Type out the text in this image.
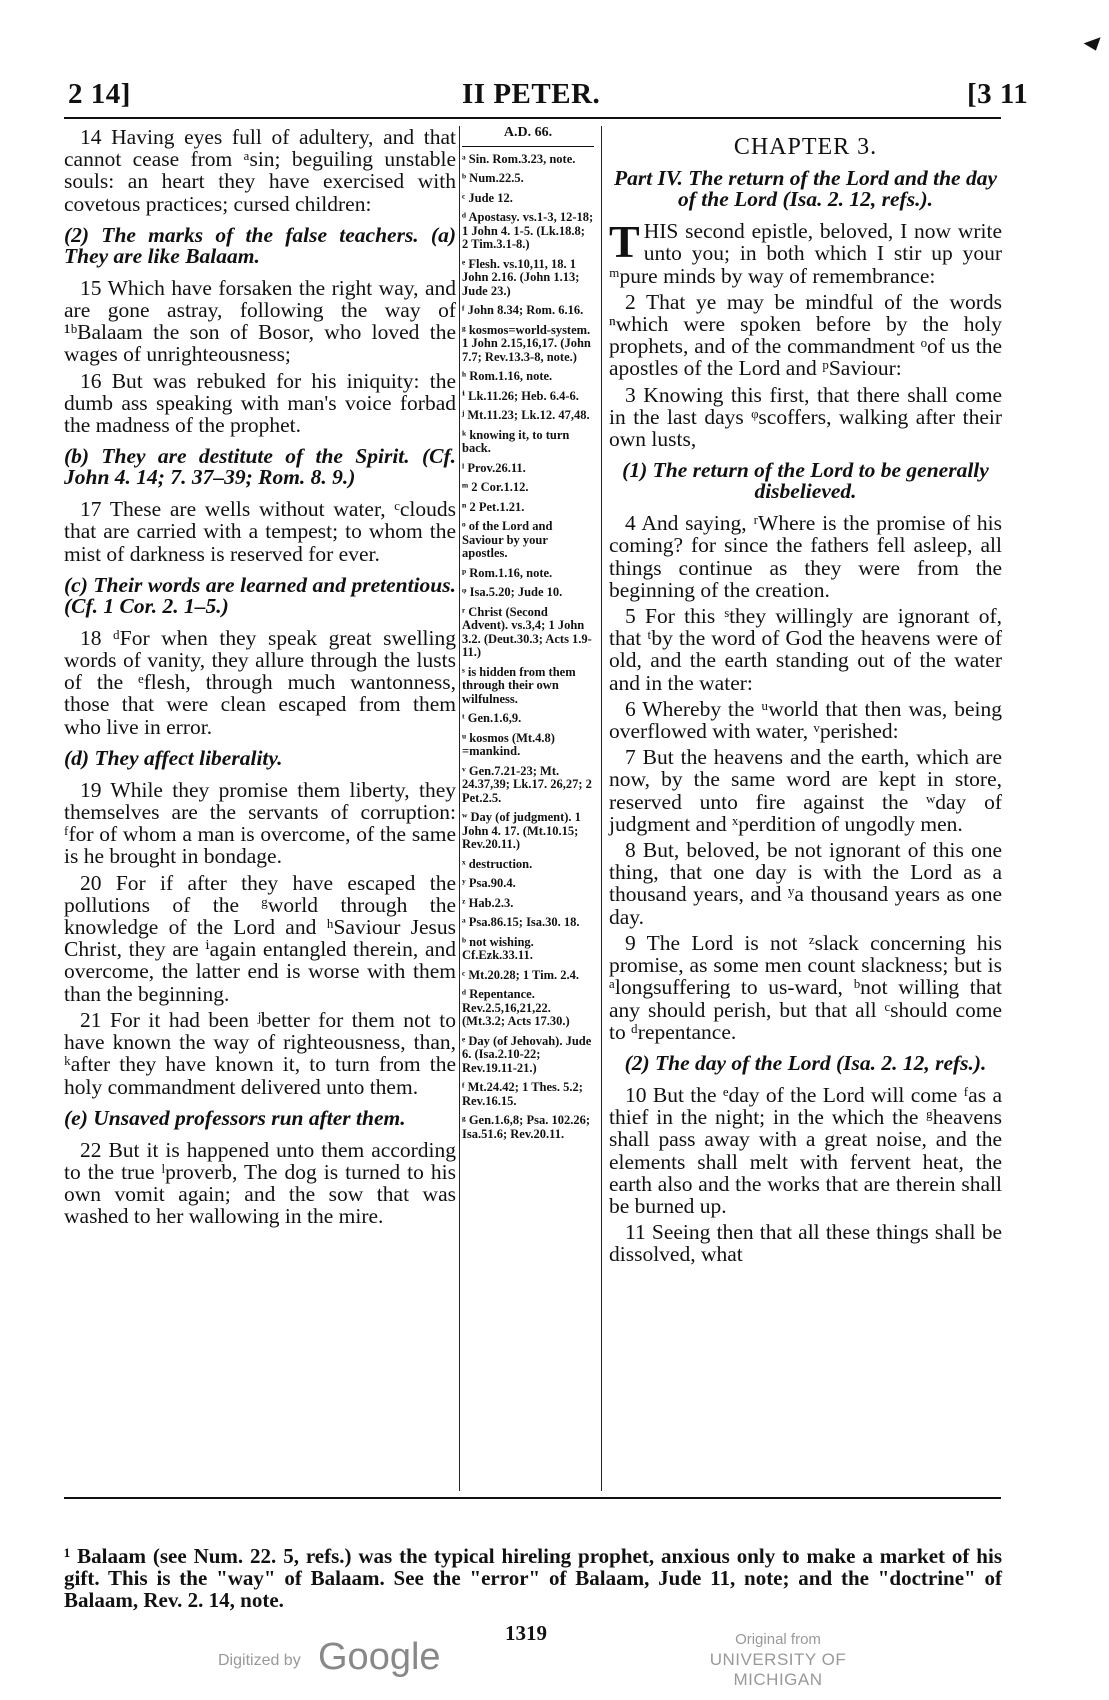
2 14]	II PETER.	[3 11

14 Having eyes full of adultery, and that cannot cease from ᵃsin; beguiling unstable souls: an heart they have exercised with covetous practices; cursed children:

(2) The marks of the false teachers. (a) They are like Balaam.

15 Which have forsaken the right way, and are gone astray, following the way of ¹ᵇBalaam the son of Bosor, who loved the wages of unrighteousness;

16 But was rebuked for his iniquity: the dumb ass speaking with man's voice forbad the madness of the prophet.

(b) They are destitute of the Spirit. (Cf. John 4. 14; 7. 37–39; Rom. 8. 9.)

17 These are wells without water, ᶜclouds that are carried with a tempest; to whom the mist of darkness is reserved for ever.

(c) Their words are learned and pretentious. (Cf. 1 Cor. 2. 1–5.)

18 ᵈFor when they speak great swelling words of vanity, they allure through the lusts of the ᵉflesh, through much wantonness, those that were clean escaped from them who live in error.

(d) They affect liberality.

19 While they promise them liberty, they themselves are the servants of corruption: ᶠfor of whom a man is overcome, of the same is he brought in bondage.

20 For if after they have escaped the pollutions of the ᵍworld through the knowledge of the Lord and ʰSaviour Jesus Christ, they are ⁱagain entangled therein, and overcome, the latter end is worse with them than the beginning.

21 For it had been ʲbetter for them not to have known the way of righteousness, than, ᵏafter they have known it, to turn from the holy commandment delivered unto them.

(e) Unsaved professors run after them.

22 But it is happened unto them according to the true ˡproverb, The dog is turned to his own vomit again; and the sow that was washed to her wallowing in the mire.

A.D. 66.
ᵃ Sin. Rom.3.23, note.
ᵇ Num.22.5.
ᶜ Jude 12.
ᵈ Apostasy. vs.1-3, 12-18; 1 John 4. 1-5. (Lk.18.8; 2 Tim.3.1-8.)
ᵉ Flesh. vs.10,11, 18. 1 John 2.16. (John 1.13; Jude 23.)
ᶠ John 8.34; Rom. 6.16.
ᵍ kosmos=world-system. 1 John 2.15,16,17. (John 7.7; Rev.13.3-8, note.)
ʰ Rom.1.16, note.
ⁱ Lk.11.26; Heb. 6.4-6.
ʲ Mt.11.23; Lk.12. 47,48.
ᵏ knowing it, to turn back.
ˡ Prov.26.11.
ᵐ 2 Cor.1.12.
ⁿ 2 Pet.1.21.
ᵒ of the Lord and Saviour by your apostles.
ᵖ Rom.1.16, note.
ᵠ Isa.5.20; Jude 10.
ʳ Christ (Second Advent). vs.3,4; 1 John 3.2. (Deut.30.3; Acts 1.9-11.)
ˢ is hidden from them through their own wilfulness.
ᵗ Gen.1.6,9.
ᵘ kosmos (Mt.4.8) =mankind.
ᵛ Gen.7.21-23; Mt. 24.37,39; Lk.17. 26,27; 2 Pet.2.5.
ʷ Day (of judgment). 1 John 4. 17. (Mt.10.15; Rev.20.11.)
ˣ destruction.
ʸ Psa.90.4.
ᶻ Hab.2.3.
ᵃ Psa.86.15; Isa.30. 18.
ᵇ not wishing. Cf.Ezk.33.11.
ᶜ Mt.20.28; 1 Tim. 2.4.
ᵈ Repentance. Rev.2.5,16,21,22. (Mt.3.2; Acts 17.30.)
ᵉ Day (of Jehovah). Jude 6. (Isa.2.10-22; Rev.19.11-21.)
ᶠ Mt.24.42; 1 Thes. 5.2; Rev.16.15.
ᵍ Gen.1.6,8; Psa. 102.26; Isa.51.6; Rev.20.11.
CHAPTER 3.

Part IV. The return of the Lord and the day of the Lord (Isa. 2. 12, refs.).

THIS second epistle, beloved, I now write unto you; in both which I stir up your ᵐpure minds by way of remembrance:

2 That ye may be mindful of the words ⁿwhich were spoken before by the holy prophets, and of the commandment ᵒof us the apostles of the Lord and ᵖSaviour:

3 Knowing this first, that there shall come in the last days ᵠscoffers, walking after their own lusts,

(1) The return of the Lord to be generally disbelieved.

4 And saying, ʳWhere is the promise of his coming? for since the fathers fell asleep, all things continue as they were from the beginning of the creation.

5 For this ˢthey willingly are ignorant of, that ᵗby the word of God the heavens were of old, and the earth standing out of the water and in the water:

6 Whereby the ᵘworld that then was, being overflowed with water, ᵛperished:

7 But the heavens and the earth, which are now, by the same word are kept in store, reserved unto fire against the ʷday of judgment and ˣperdition of ungodly men.

8 But, beloved, be not ignorant of this one thing, that one day is with the Lord as a thousand years, and ʸa thousand years as one day.

9 The Lord is not ᶻslack concerning his promise, as some men count slackness; but is ᵃlongsuffering to us-ward, ᵇnot willing that any should perish, but that all ᶜshould come to ᵈrepentance.

(2) The day of the Lord (Isa. 2. 12, refs.).

10 But the ᵉday of the Lord will come ᶠas a thief in the night; in the which the ᵍheavens shall pass away with a great noise, and the elements shall melt with fervent heat, the earth also and the works that are therein shall be burned up.

11 Seeing then that all these things shall be dissolved, what

¹ Balaam (see Num. 22. 5, refs.) was the typical hireling prophet, anxious only to make a market of his gift. This is the "way" of Balaam. See the "error" of Balaam, Jude 11, note; and the "doctrine" of Balaam, Rev. 2. 14, note.
1319
Digitized by Google	Original from
UNIVERSITY OF MICHIGAN
